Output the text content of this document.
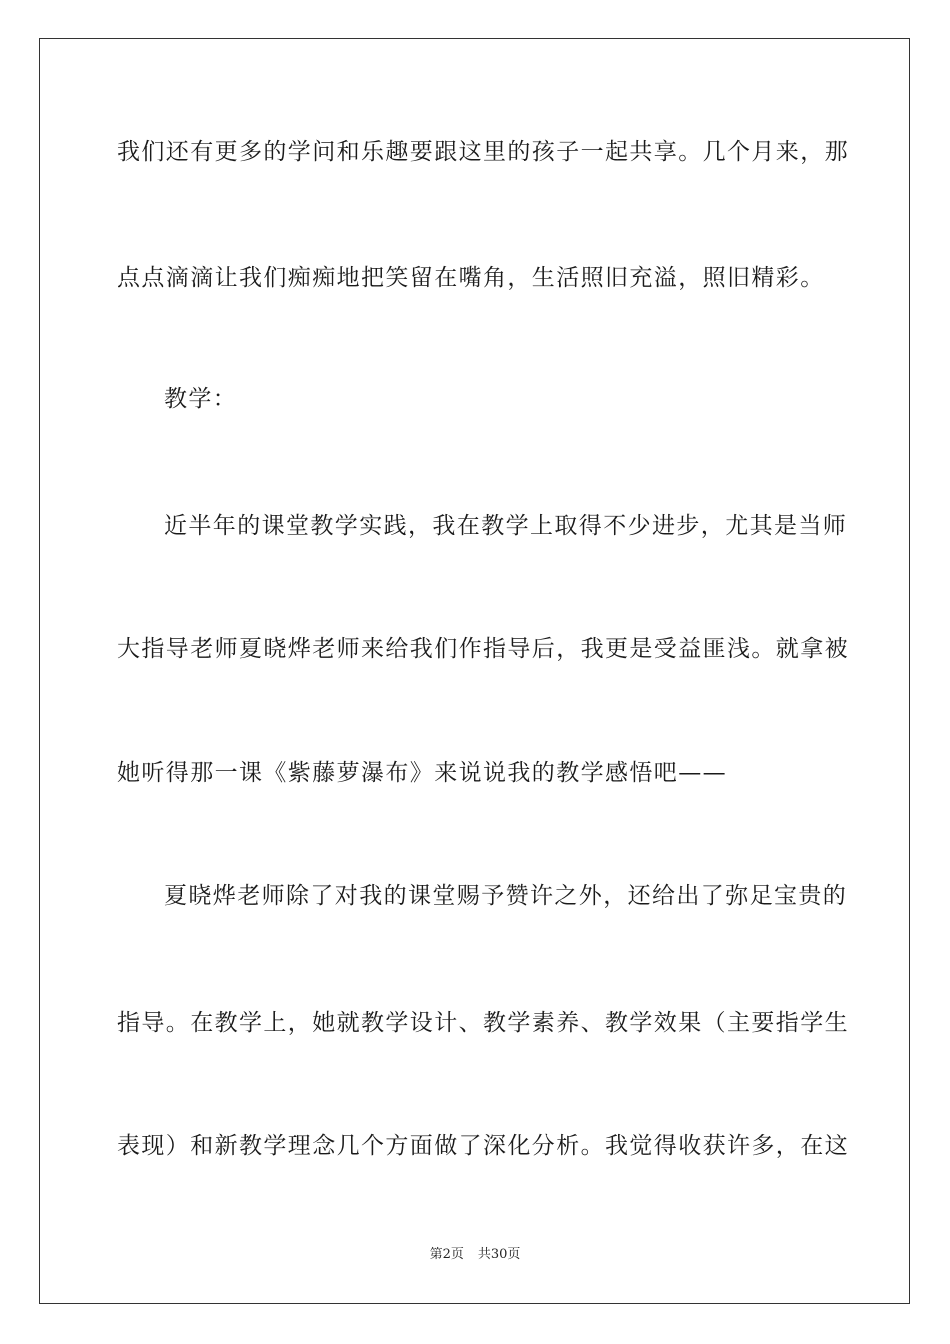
我们还有更多的学问和乐趣要跟这里的孩子一起共享。几个月来，那
点点滴滴让我们痴痴地把笑留在嘴角，生活照旧充溢，照旧精彩。
教学：
近半年的课堂教学实践，我在教学上取得不少进步，尤其是当师
大指导老师夏晓烨老师来给我们作指导后，我更是受益匪浅。就拿被
她听得那一课《紫藤萝瀑布》来说说我的教学感悟吧——
夏晓烨老师除了对我的课堂赐予赞许之外，还给出了弥足宝贵的
指导。在教学上，她就教学设计、教学素养、教学效果（主要指学生
表现）和新教学理念几个方面做了深化分析。我觉得收获许多，在这
第2页 共30页
